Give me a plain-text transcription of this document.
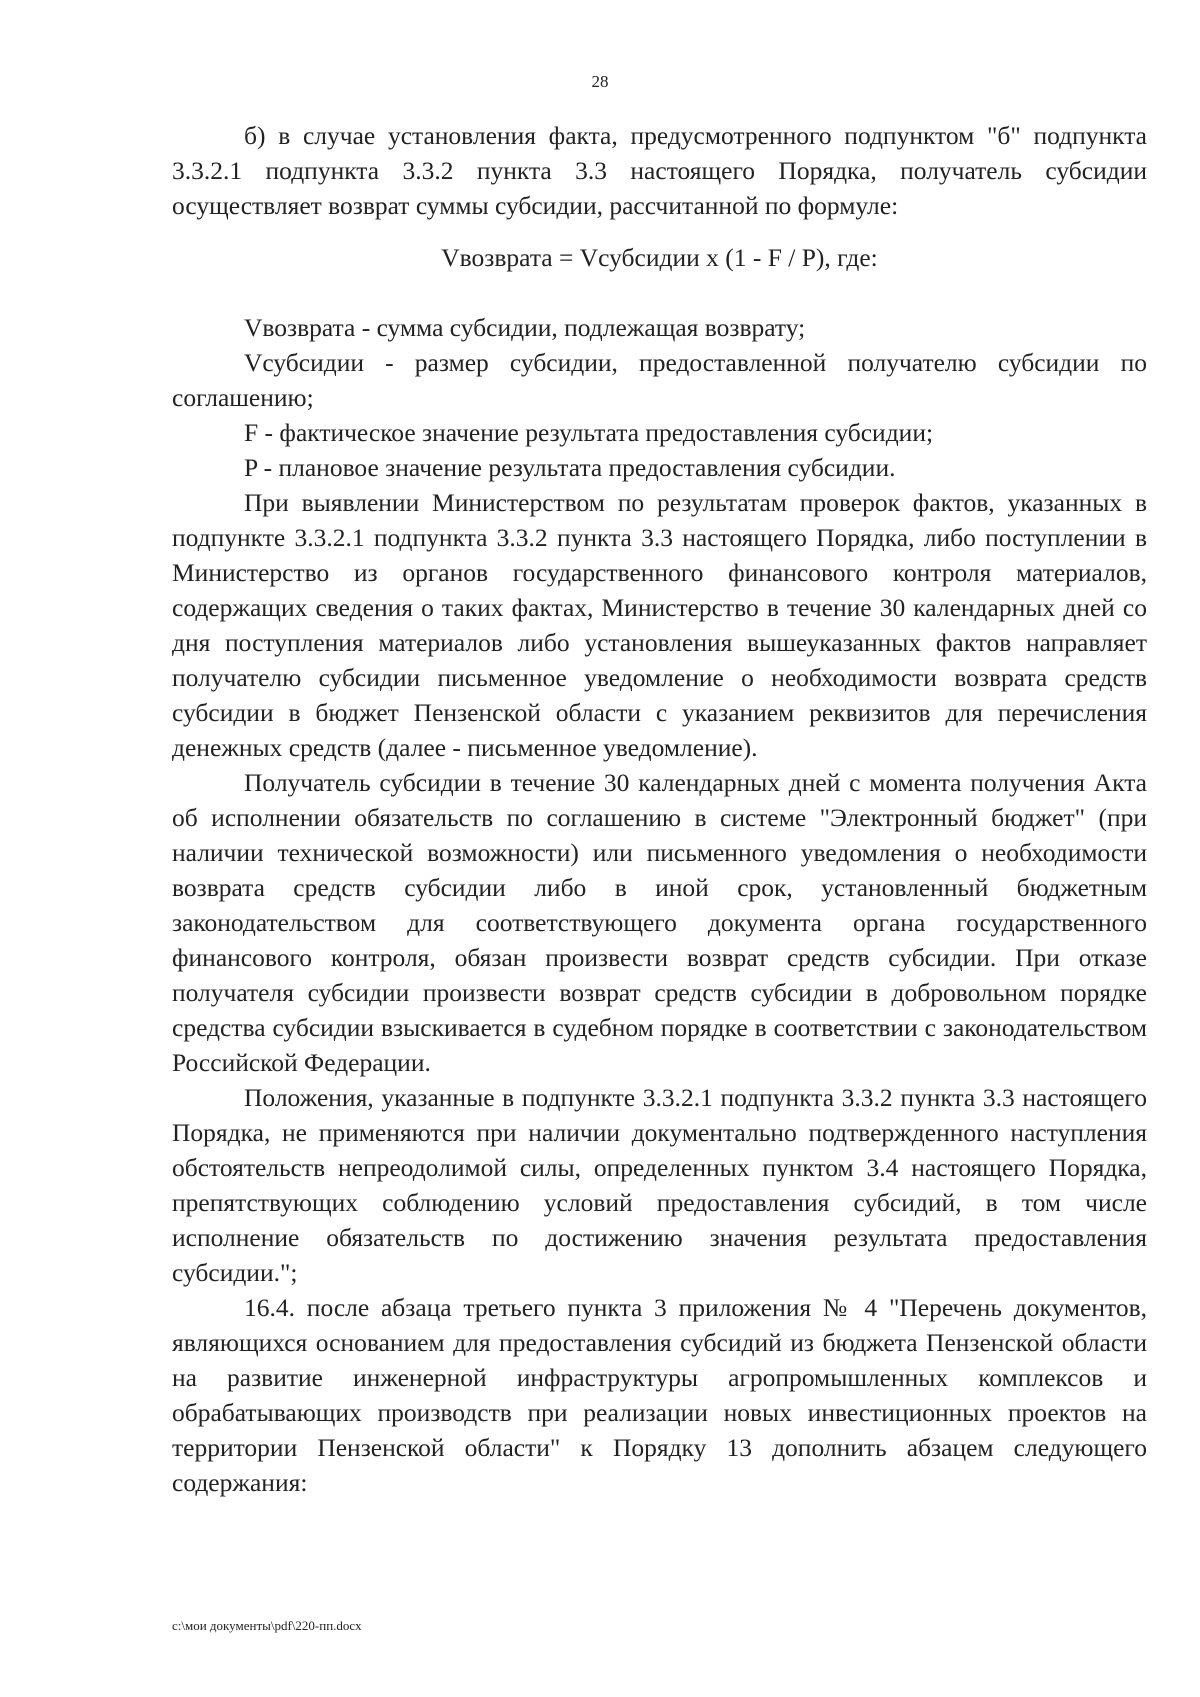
28

б) в случае установления факта, предусмотренного подпунктом "б" подпункта 3.3.2.1 подпункта 3.3.2 пункта 3.3 настоящего Порядка, получатель субсидии осуществляет возврат суммы субсидии, рассчитанной по формуле:

Vвозврата = Vсубсидии х (1 - F / P), где:

Vвозврата - сумма субсидии, подлежащая возврату;

Vсубсидии - размер субсидии, предоставленной получателю субсидии по соглашению;

F - фактическое значение результата предоставления субсидии;

P - плановое значение результата предоставления субсидии.

При выявлении Министерством по результатам проверок фактов, указанных в подпункте 3.3.2.1 подпункта 3.3.2 пункта 3.3 настоящего Порядка, либо поступлении в Министерство из органов государственного финансового контроля материалов, содержащих сведения о таких фактах, Министерство в течение 30 календарных дней со дня поступления материалов либо установления вышеуказанных фактов направляет получателю субсидии письменное уведомление о необходимости возврата средств субсидии в бюджет Пензенской области с указанием реквизитов для перечисления денежных средств (далее - письменное уведомление).

Получатель субсидии в течение 30 календарных дней с момента получения Акта об исполнении обязательств по соглашению в системе "Электронный бюджет" (при наличии технической возможности) или письменного уведомления о необходимости возврата средств субсидии либо в иной срок, установленный бюджетным законодательством для соответствующего документа органа государственного финансового контроля, обязан произвести возврат средств субсидии. При отказе получателя субсидии произвести возврат средств субсидии в добровольном порядке средства субсидии взыскивается в судебном порядке в соответствии с законодательством Российской Федерации.

Положения, указанные в подпункте 3.3.2.1 подпункта 3.3.2 пункта 3.3 настоящего Порядка, не применяются при наличии документально подтвержденного наступления обстоятельств непреодолимой силы, определенных пунктом 3.4 настоящего Порядка, препятствующих соблюдению условий предоставления субсидий, в том числе исполнение обязательств по достижению значения результата предоставления субсидии.";

16.4. после абзаца третьего пункта 3 приложения № 4 "Перечень документов, являющихся основанием для предоставления субсидий из бюджета Пензенской области на развитие инженерной инфраструктуры агропромышленных комплексов и обрабатывающих производств при реализации новых инвестиционных проектов на территории Пензенской области" к Порядку 13 дополнить абзацем следующего содержания:

c:\мои документы\pdf\220-пп.docx
